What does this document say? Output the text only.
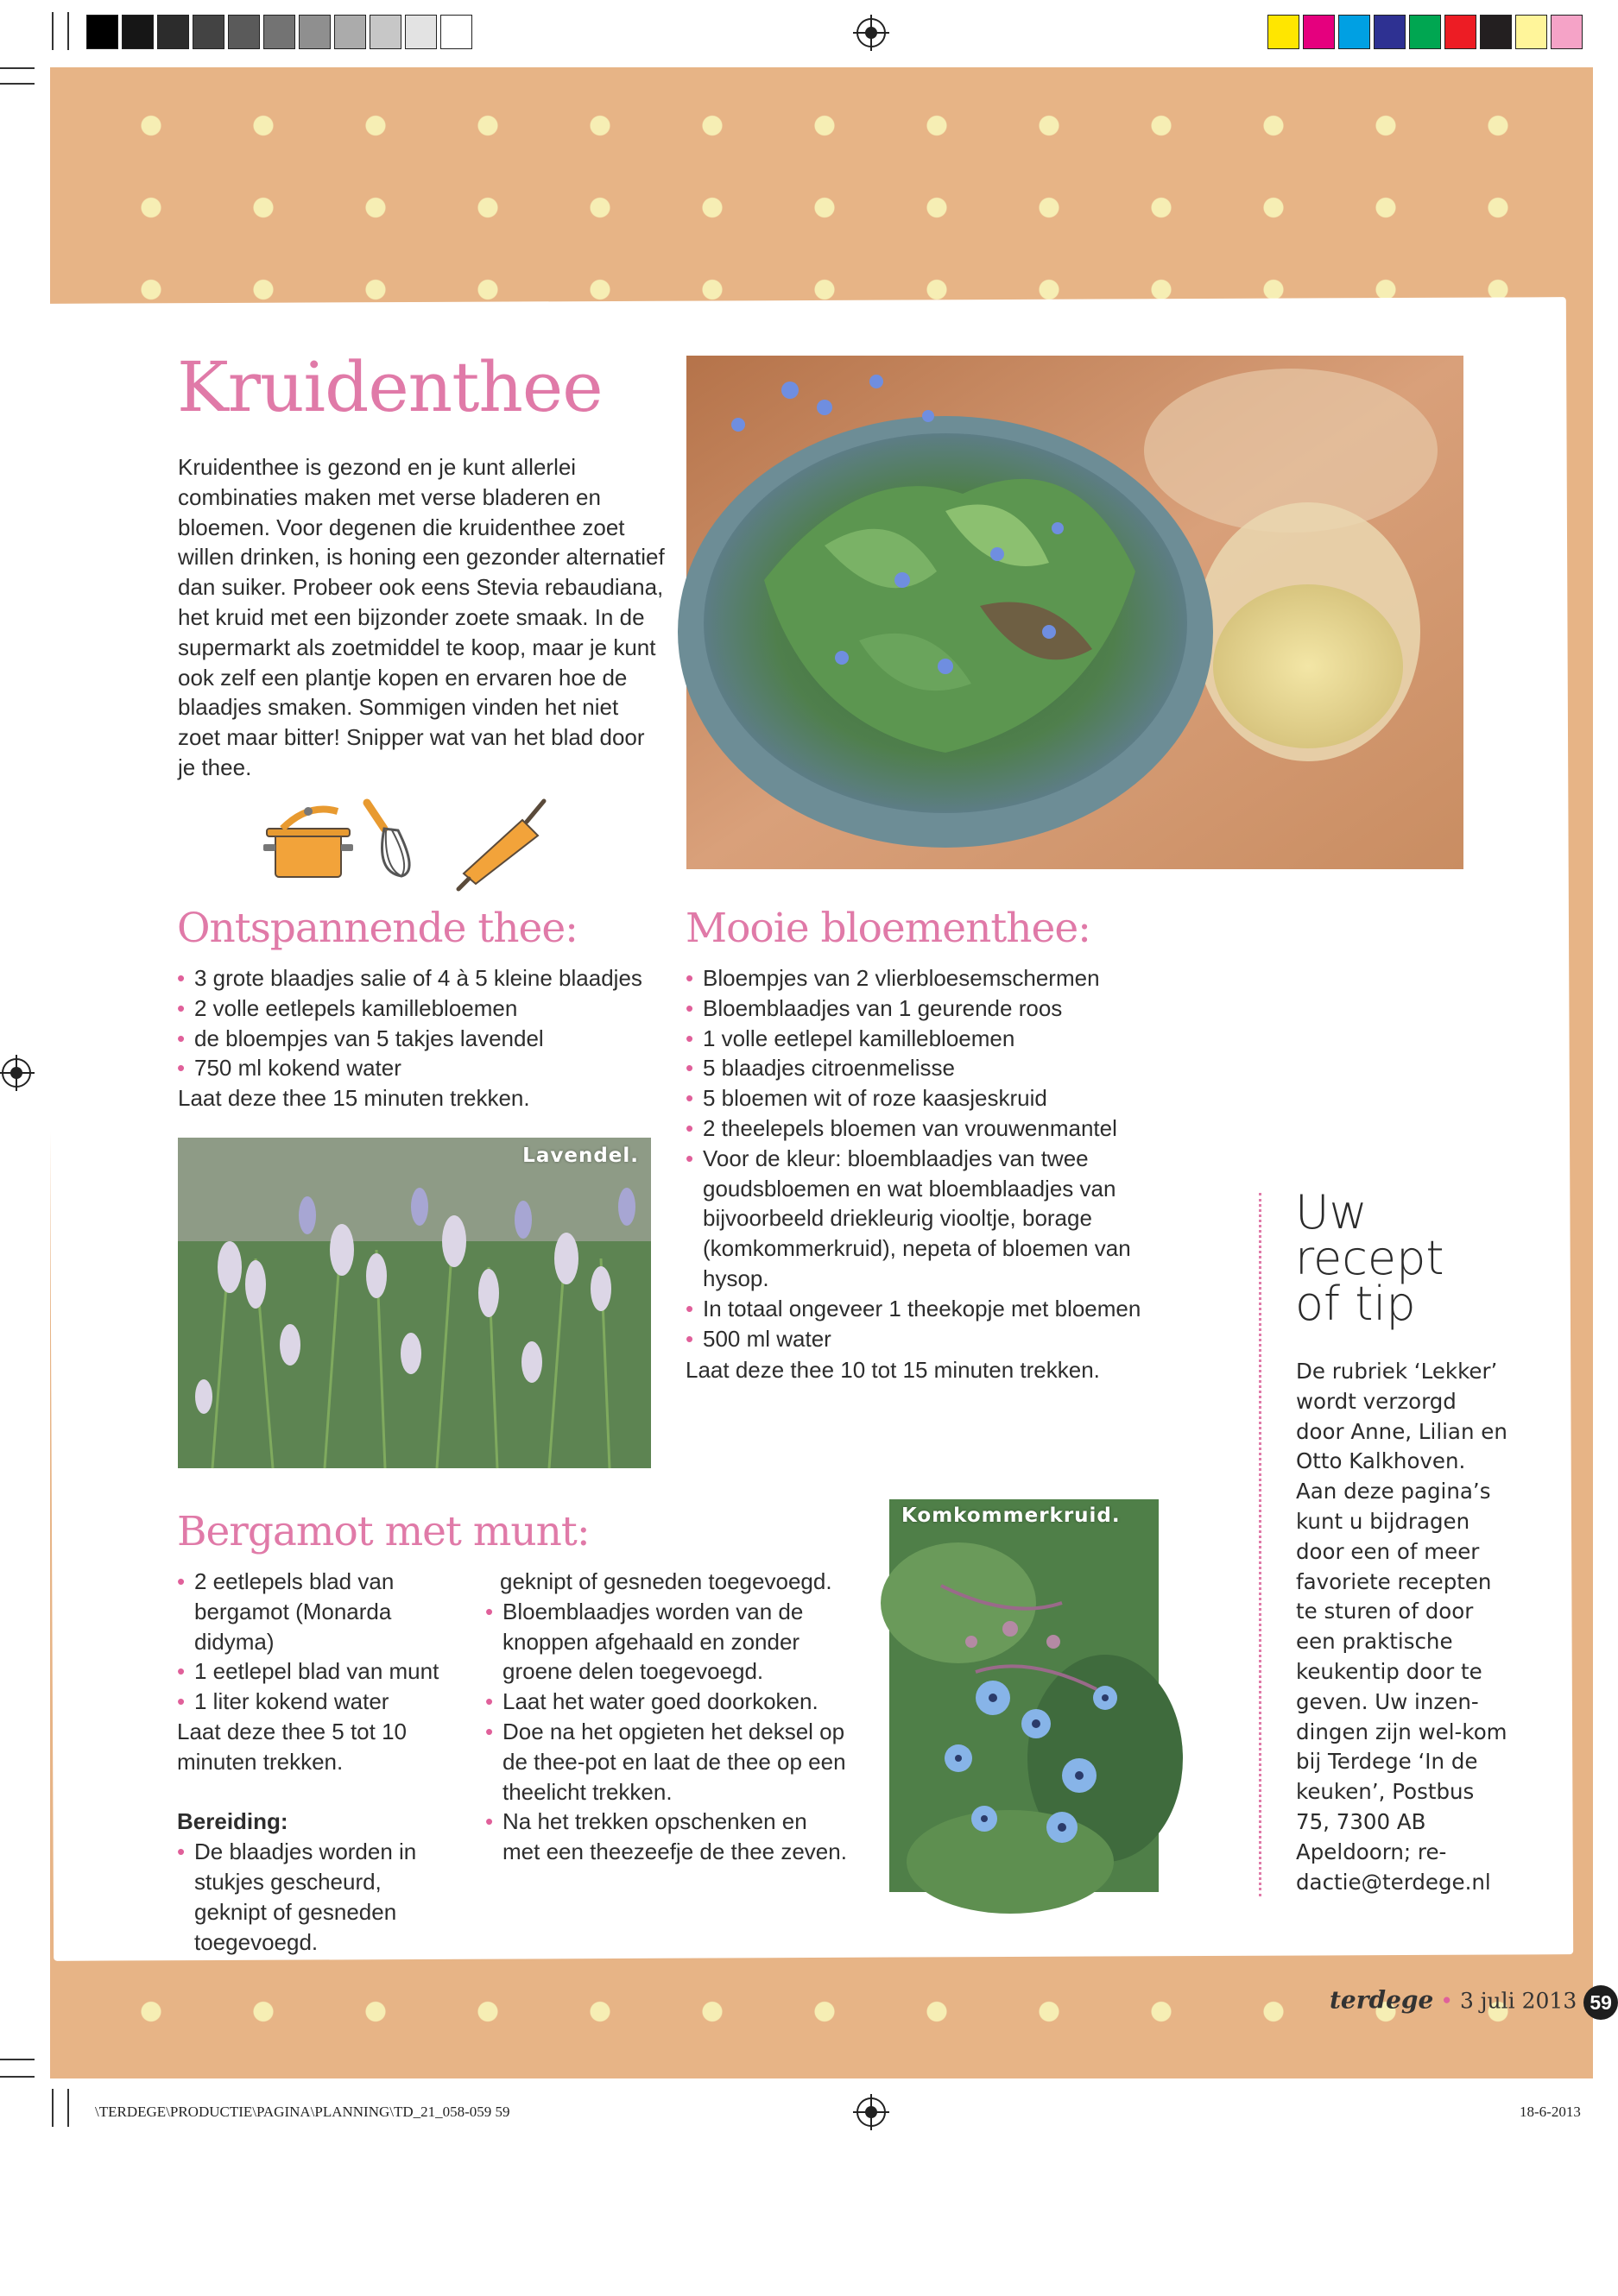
Kruidenthee
Kruidenthee is gezond en je kunt allerlei combinaties maken met verse bladeren en bloemen. Voor degenen die kruidenthee zoet willen drinken, is honing een gezonder alternatief dan suiker. Probeer ook eens Stevia rebaudiana, het kruid met een bijzonder zoete smaak. In de supermarkt als zoetmiddel te koop, maar je kunt ook zelf een plantje kopen en ervaren hoe de blaadjes smaken. Sommigen vinden het niet zoet maar bitter! Snipper wat van het blad door je thee.
Ontspannende thee:
• 3 grote blaadjes salie of 4 à 5 kleine blaadjes
• 2 volle eetlepels kamillebloemen
• de bloempjes van 5 takjes lavendel
• 750 ml kokend water
Laat deze thee 15 minuten trekken.
Lavendel.
Mooie bloementhee:
• Bloempjes van 2 vlierbloesemschermen
• Bloemblaadjes van 1 geurende roos
• 1 volle eetlepel kamillebloemen
• 5 blaadjes citroenmelisse
• 5 bloemen wit of roze kaasjeskruid
• 2 theelepels bloemen van vrouwenmantel
• Voor de kleur: bloemblaadjes van twee goudsbloemen en wat bloemblaadjes van bijvoorbeeld driekleurig viooltje, borage (komkommerkruid), nepeta of bloemen van hysop.
• In totaal ongeveer 1 theekopje met bloemen
• 500 ml water
Laat deze thee 10 tot 15 minuten trekken.
Komkommerkruid.
Bergamot met munt:
• 2 eetlepels blad van bergamot (Monarda didyma)
• 1 eetlepel blad van munt
• 1 liter kokend water
Laat deze thee 5 tot 10 minuten trekken.
Bereiding:
• De blaadjes worden in stukjes gescheurd, geknipt of gesneden toegevoegd.
geknipt of gesneden toegevoegd.
• Bloemblaadjes worden van de knoppen afgehaald en zonder groene delen toegevoegd.
• Laat het water goed doorkoken.
• Doe na het opgieten het deksel op de thee-pot en laat de thee op een theelicht trekken.
• Na het trekken opschenken en met een theezeefje de thee zeven.
Uw
recept
of tip
De rubriek ‘Lekker’ wordt verzorgd door Anne, Lilian en Otto Kalkhoven. Aan deze pagina’s kunt u bijdragen door een of meer favoriete recepten te sturen of door een praktische keukentip door te geven. Uw inzen-dingen zijn wel-kom bij Terdege ‘In de keuken’, Postbus 75, 7300 AB Apeldoorn; re-dactie@terdege.nl
terdege • 3 juli 2013 59
\TERDEGE\PRODUCTIE\PAGINA\PLANNING\TD_21_058-059 59	18-6-2013
